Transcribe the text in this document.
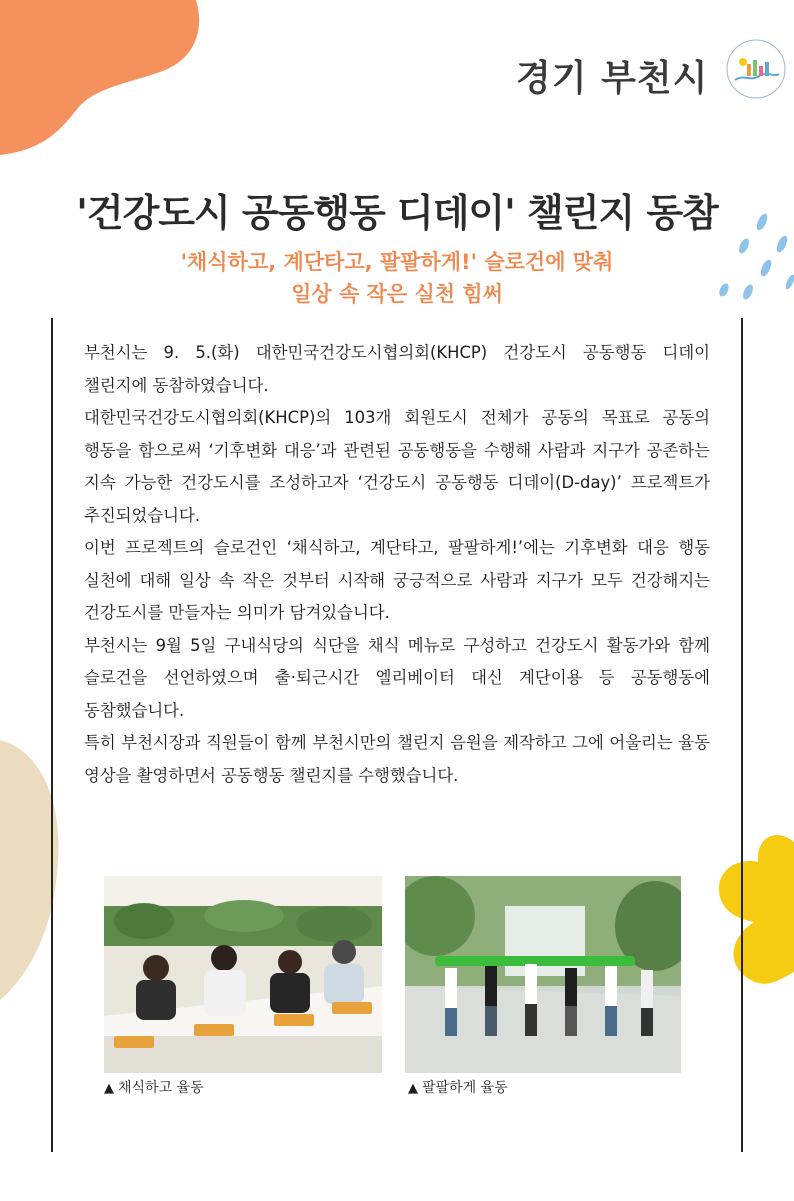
경기 부천시
'건강도시 공동행동 디데이' 챌린지 동참
'채식하고, 계단타고, 팔팔하게!' 슬로건에 맞춰
일상 속 작은 실천 힘써

부천시는 9. 5.(화) 대한민국건강도시협의회(KHCP) 건강도시 공동행동 디데이 챌린지에 동참하였습니다.

대한민국건강도시협의회(KHCP)의 103개 회원도시 전체가 공동의 목표로 공동의 행동을 함으로써 ‘기후변화 대응’과 관련된 공동행동을 수행해 사람과 지구가 공존하는 지속 가능한 건강도시를 조성하고자 ‘건강도시 공동행동 디데이(D-day)’ 프로젝트가 추진되었습니다.

이번 프로젝트의 슬로건인 ‘채식하고, 계단타고, 팔팔하게!’에는 기후변화 대응 행동 실천에 대해 일상 속 작은 것부터 시작해 궁긍적으로 사람과 지구가 모두 건강해지는 건강도시를 만들자는 의미가 담겨있습니다.

부천시는 9월 5일 구내식당의 식단을 채식 메뉴로 구성하고 건강도시 활동가와 함께 슬로건을 선언하였으며 출·퇴근시간 엘리베이터 대신 계단이용 등 공동행동에 동참했습니다.

특히 부천시장과 직원들이 함께 부천시만의 챌린지 음원을 제작하고 그에 어울리는 율동 영상을 촬영하면서 공동행동 챌린지를 수행했습니다.

▲ 채식하고 율동	▲ 팔팔하게 율동
